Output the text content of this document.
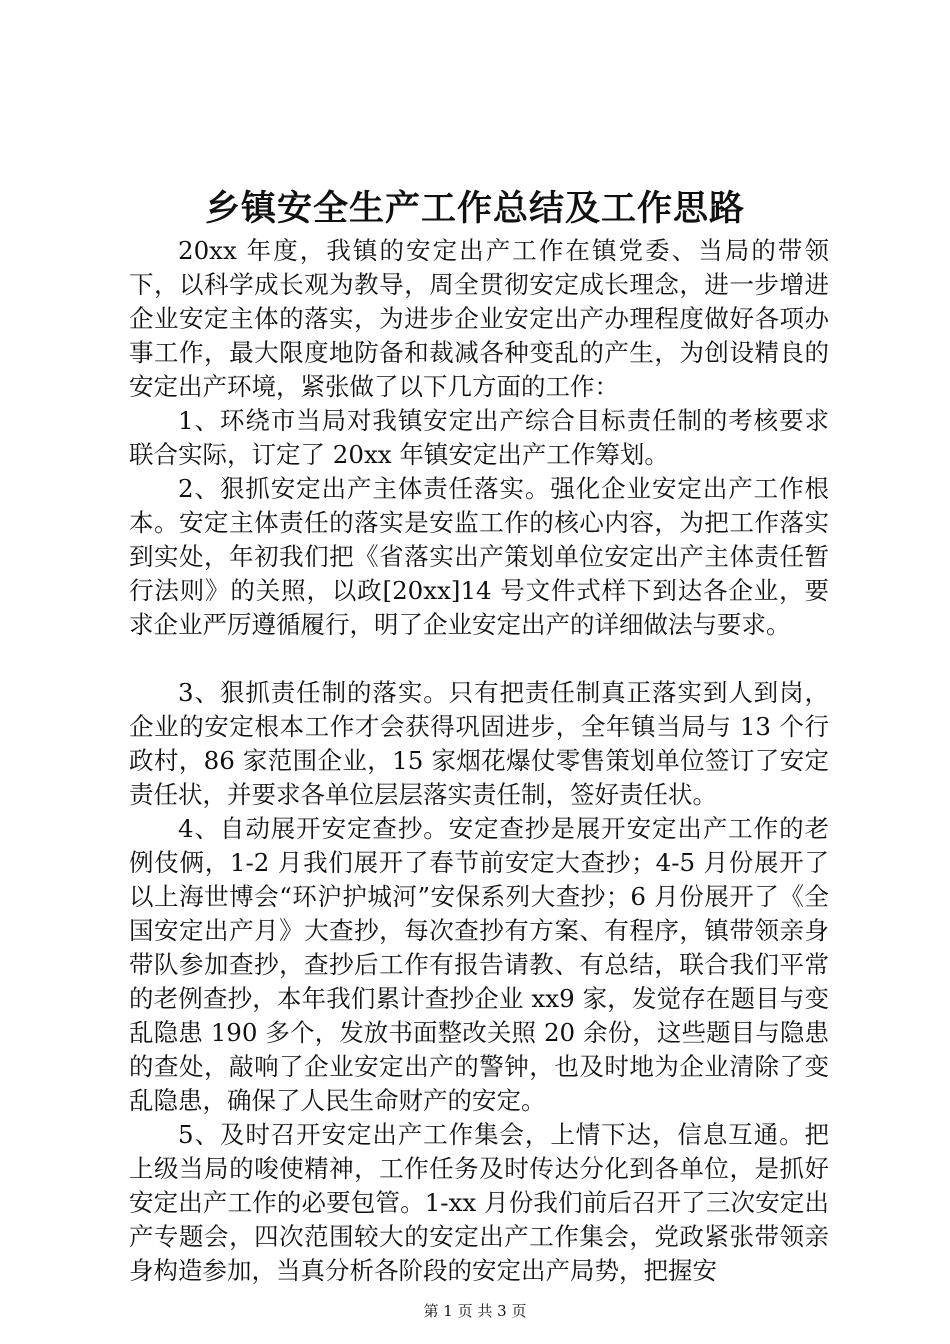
乡镇安全生产工作总结及工作思路

20xx 年度，我镇的安定出产工作在镇党委、当局的带领下，以科学成长观为教导，周全贯彻安定成长理念，进一步增进企业安定主体的落实，为进步企业安定出产办理程度做好各项办事工作，最大限度地防备和裁减各种变乱的产生，为创设精良的安定出产环境，紧张做了以下几方面的工作：

1、环绕市当局对我镇安定出产综合目标责任制的考核要求联合实际，订定了 20xx 年镇安定出产工作筹划。

2、狠抓安定出产主体责任落实。强化企业安定出产工作根本。安定主体责任的落实是安监工作的核心内容，为把工作落实到实处，年初我们把《省落实出产策划单位安定出产主体责任暂行法则》的关照，以政[20xx]14 号文件式样下到达各企业，要求企业严厉遵循履行，明了企业安定出产的详细做法与要求。

3、狠抓责任制的落实。只有把责任制真正落实到人到岗，企业的安定根本工作才会获得巩固进步，全年镇当局与 13 个行政村，86 家范围企业，15 家烟花爆仗零售策划单位签订了安定责任状，并要求各单位层层落实责任制，签好责任状。

4、自动展开安定查抄。安定查抄是展开安定出产工作的老例伎俩，1-2 月我们展开了春节前安定大查抄；4-5 月份展开了以上海世博会“环沪护城河”安保系列大查抄；6 月份展开了《全国安定出产月》大查抄，每次查抄有方案、有程序，镇带领亲身带队参加查抄，查抄后工作有报告请教、有总结，联合我们平常的老例查抄，本年我们累计查抄企业 xx9 家，发觉存在题目与变乱隐患 190 多个，发放书面整改关照 20 余份，这些题目与隐患的查处，敲响了企业安定出产的警钟，也及时地为企业清除了变乱隐患，确保了人民生命财产的安定。

5、及时召开安定出产工作集会，上情下达，信息互通。把上级当局的唆使精神，工作任务及时传达分化到各单位，是抓好安定出产工作的必要包管。1-xx 月份我们前后召开了三次安定出产专题会，四次范围较大的安定出产工作集会，党政紧张带领亲身构造参加，当真分析各阶段的安定出产局势，把握安

第 1 页 共 3 页
